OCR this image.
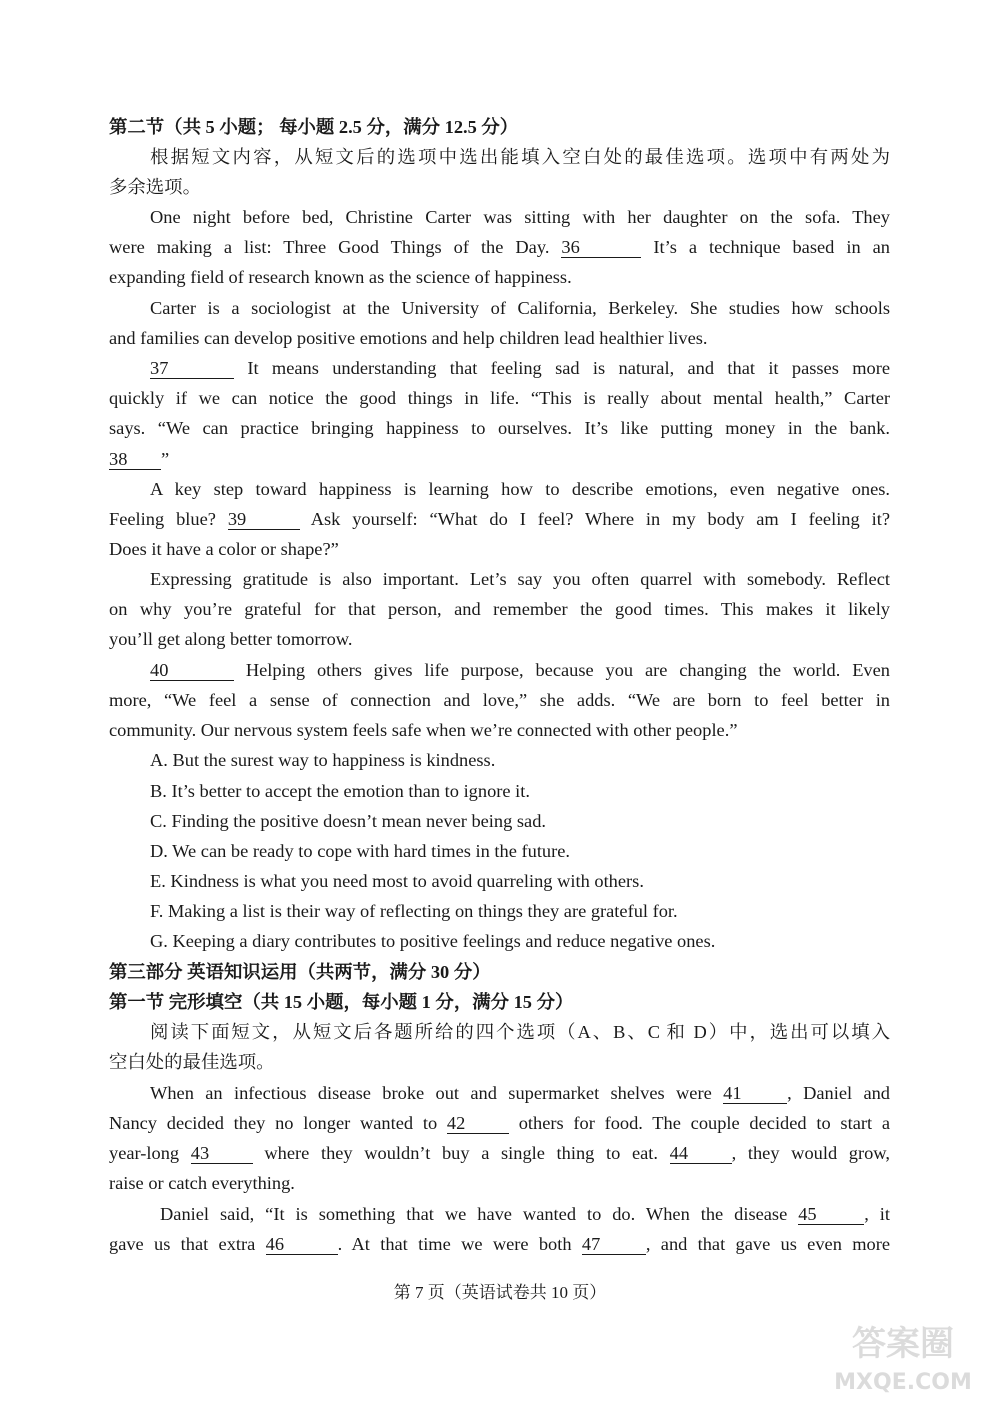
第二节（共 5 小题； 每小题 2.5 分，满分 12.5 分）
根据短文内容，从短文后的选项中选出能填入空白处的最佳选项。选项中有两处为
多余选项。
One night before bed, Christine Carter was sitting with her daughter on the sofa. They
were making a list: Three Good Things of the Day. 36	It’s a technique based in an
expanding field of research known as the science of happiness.
Carter is a sociologist at the University of California, Berkeley. She studies how schools
and families can develop positive emotions and help children lead healthier lives.
37	It means understanding that feeling sad is natural, and that it passes more
quickly if we can notice the good things in life. “This is really about mental health,” Carter
says. “We can practice bringing happiness to ourselves. It’s like putting money in the bank.
38 ”
A key step toward happiness is learning how to describe emotions, even negative ones.
Feeling blue? 39	Ask yourself: “What do I feel? Where in my body am I feeling it?
Does it have a color or shape?”
Expressing gratitude is also important. Let’s say you often quarrel with somebody. Reflect
on why you’re grateful for that person, and remember the good times. This makes it likely
you’ll get along better tomorrow.
40	Helping others gives life purpose, because you are changing the world. Even
more, “We feel a sense of connection and love,” she adds. “We are born to feel better in
community. Our nervous system feels safe when we’re connected with other people.”
A. But the surest way to happiness is kindness.
B. It’s better to accept the emotion than to ignore it.
C. Finding the positive doesn’t mean never being sad.
D. We can be ready to cope with hard times in the future.
E. Kindness is what you need most to avoid quarreling with others.
F. Making a list is their way of reflecting on things they are grateful for.
G. Keeping a diary contributes to positive feelings and reduce negative ones.
第三部分 英语知识运用（共两节，满分 30 分）
第一节 完形填空（共 15 小题，每小题 1 分，满分 15 分）
阅读下面短文，从短文后各题所给的四个选项（A、B、C 和 D）中，选出可以填入
空白处的最佳选项。
When an infectious disease broke out and supermarket shelves were 41 , Daniel and
Nancy decided they no longer wanted to 42	others for food. The couple decided to start a
year-long 43	where they wouldn’t buy a single thing to eat. 44 , they would grow,
raise or catch everything.
Daniel said, “It is something that we have wanted to do. When the disease 45	, it
gave us that extra 46	. At that time we were both 47 , and that gave us even more
第 7 页（英语试卷共 10 页）
答案圈
MXQE.COM
